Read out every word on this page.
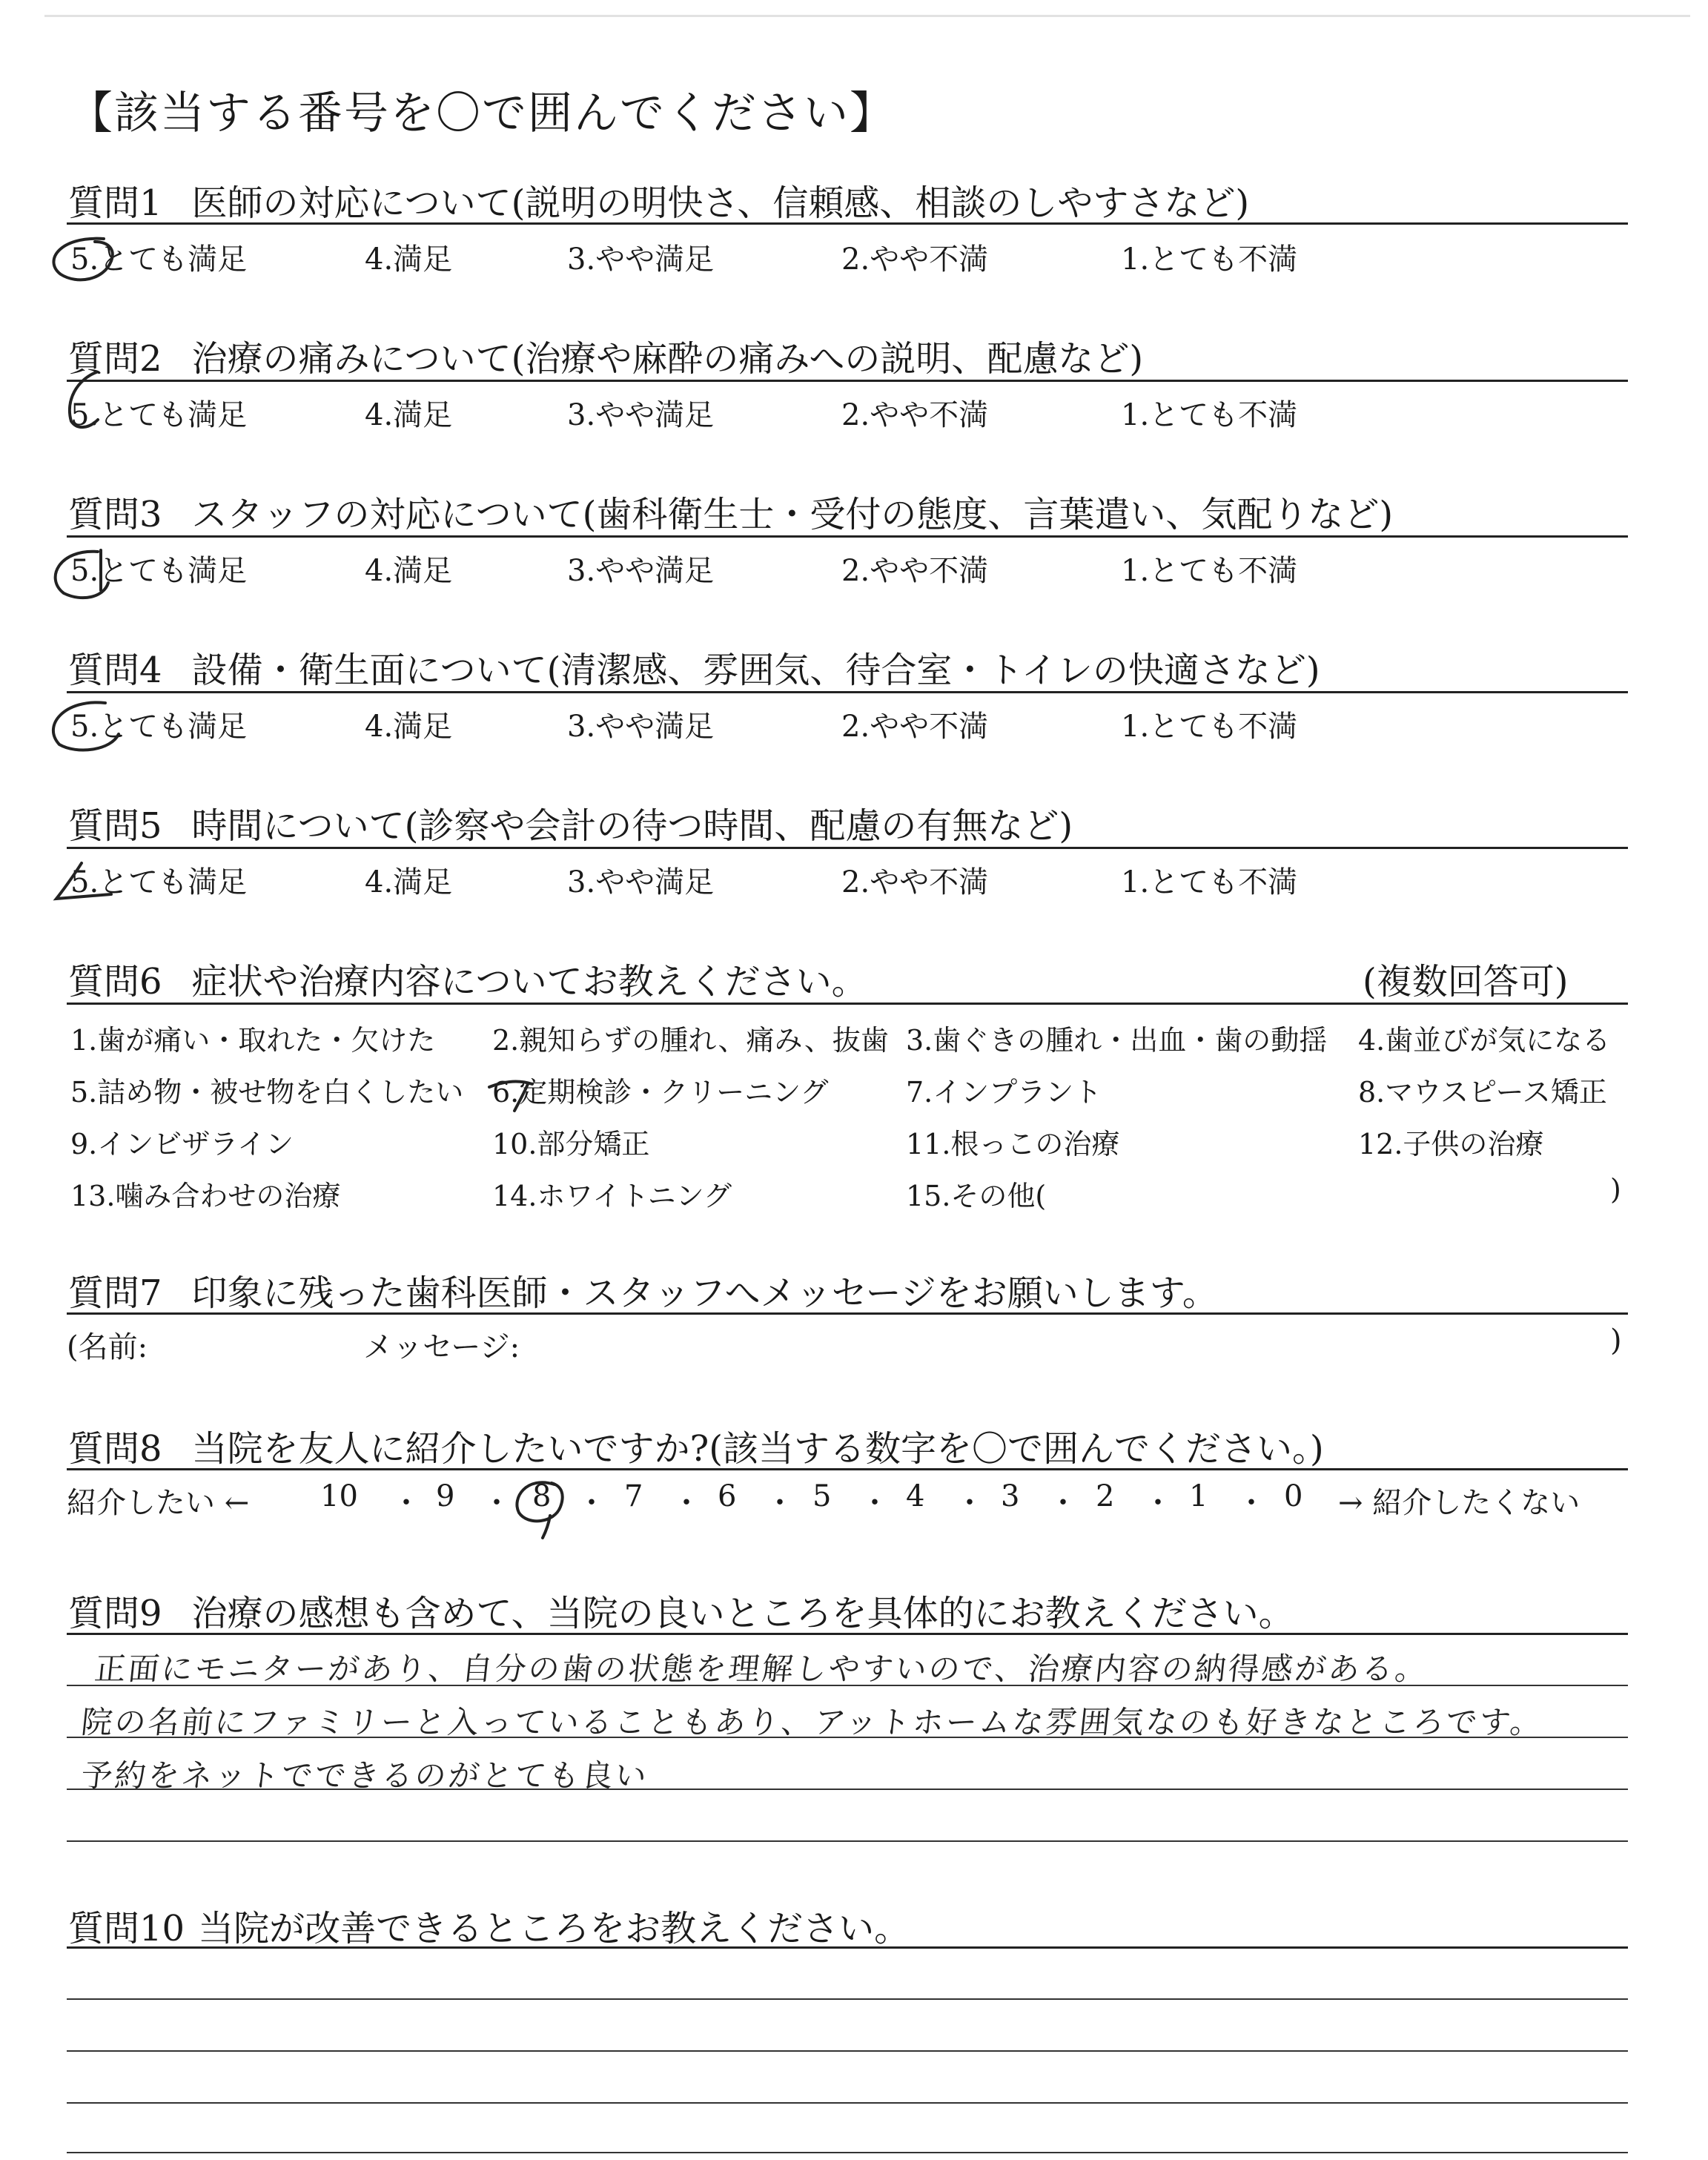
【該当する番号を〇で囲んでください】
質問1 医師の対応について(説明の明快さ、信頼感、相談のしやすさなど)
5.とても満足	4.満足	3.やや満足	2.やや不満	1.とても不満
質問2 治療の痛みについて(治療や麻酔の痛みへの説明、配慮など)
5.とても満足	4.満足	3.やや満足	2.やや不満	1.とても不満
質問3 スタッフの対応について(歯科衛生士・受付の態度、言葉遣い、気配りなど)
5.とても満足	4.満足	3.やや満足	2.やや不満	1.とても不満
質問4 設備・衛生面について(清潔感、雰囲気、待合室・トイレの快適さなど)
5.とても満足	4.満足	3.やや満足	2.やや不満	1.とても不満
質問5 時間について(診察や会計の待つ時間、配慮の有無など)
5.とても満足	4.満足	3.やや満足	2.やや不満	1.とても不満
質問6 症状や治療内容についてお教えください。	(複数回答可)
1.歯が痛い・取れた・欠けた 2.親知らずの腫れ、痛み、抜歯 3.歯ぐきの腫れ・出血・歯の動揺 4.歯並びが気になる
5.詰め物・被せ物を白くしたい 6.定期検診・クリーニング	7.インプラント	8.マウスピース矯正
9.インビザライン	10.部分矯正	11.根っこの治療	12.子供の治療
13.噛み合わせの治療	14.ホワイトニング	15.その他(	)
質問7 印象に残った歯科医師・スタッフへメッセージをお願いします。
(名前:	メッセージ:	)
質問8 当院を友人に紹介したいですか?(該当する数字を〇で囲んでください。)
紹介したい ←	→ 紹介したくない
10 ・ 9 ・ 8 ・ 7 ・ 6 ・ 5 ・ 4 ・ 3 ・ 2 ・ 1 ・ 0
質問9 治療の感想も含めて、当院の良いところを具体的にお教えください。
正面にモニターがあり、自分の歯の状態を理解しやすいので、治療内容の納得感がある。
院の名前にファミリーと入っていることもあり、アットホームな雰囲気なのも好きなところです。
予約をネットでできるのがとても良い
質問10 当院が改善できるところをお教えください。
